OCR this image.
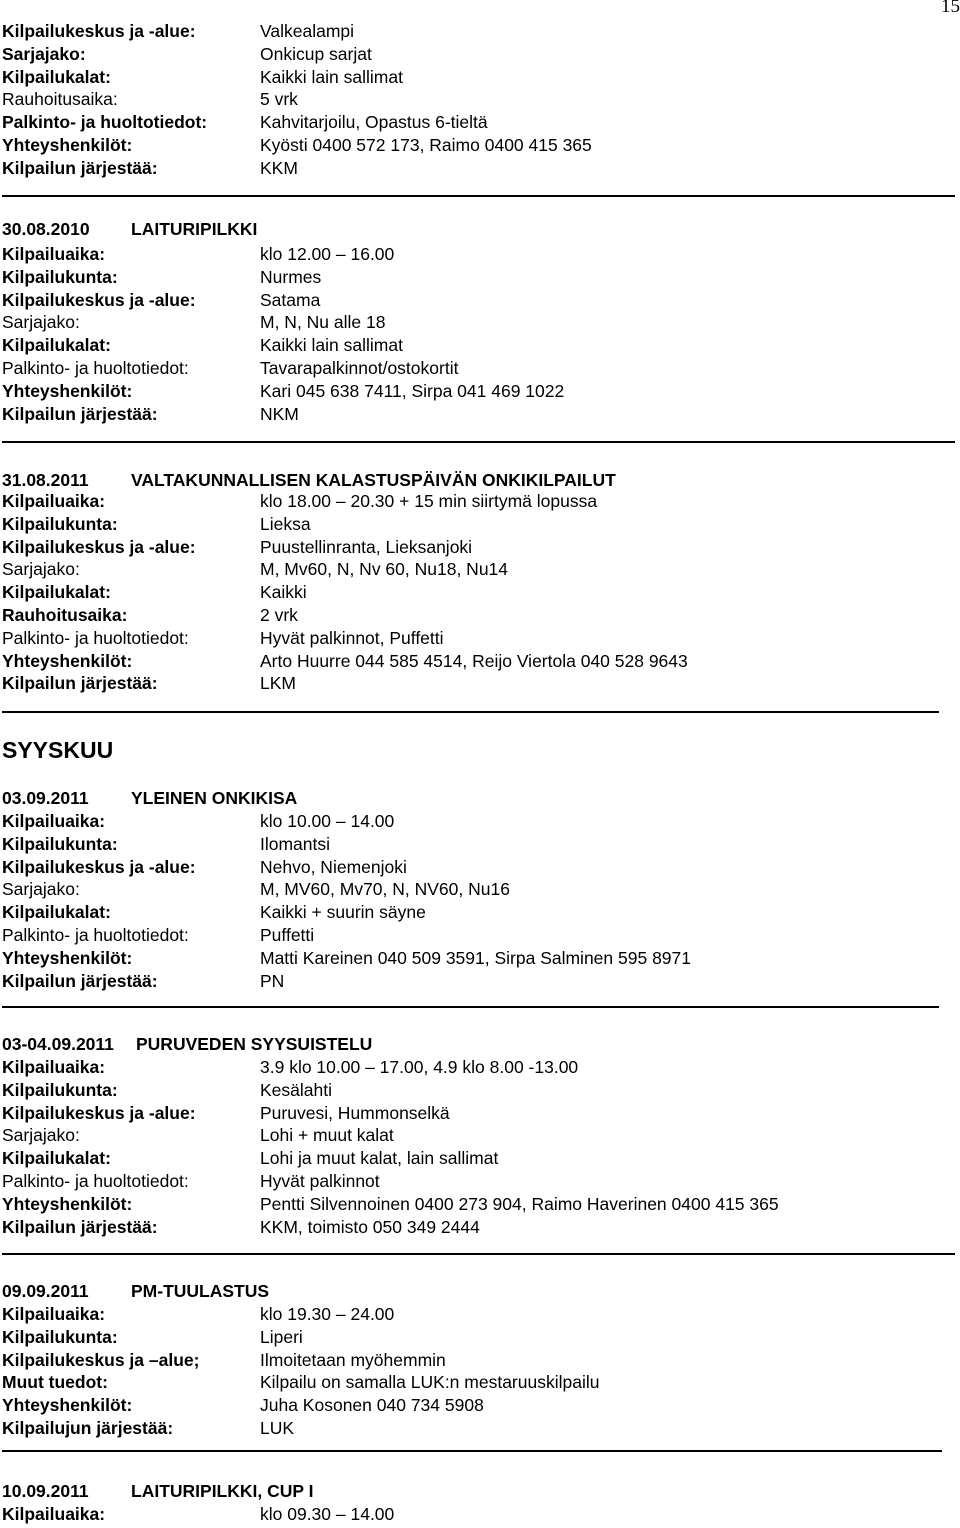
15
Kilpailukeskus ja -alue:	Valkealampi
Sarjajako:	Onkicup sarjat
Kilpailukalat:	Kaikki lain sallimat
Rauhoitusaika:	5 vrk
Palkinto- ja huoltotiedot:	Kahvitarjoilu, Opastus 6-tieltä
Yhteyshenkilöt:	Kyösti 0400 572 173, Raimo 0400 415 365
Kilpailun järjestää:	KKM
30.08.2010 LAITURIPILKKI
Kilpailuaika:	klo 12.00 – 16.00
Kilpailukunta:	Nurmes
Kilpailukeskus ja -alue:	Satama
Sarjajako:	M, N, Nu alle 18
Kilpailukalat:	Kaikki lain sallimat
Palkinto- ja huoltotiedot:	Tavarapalkinnot/ostokortit
Yhteyshenkilöt:	Kari 045 638 7411, Sirpa 041 469 1022
Kilpailun järjestää:	NKM
31.08.2011 VALTAKUNNALLISEN KALASTUSPÄIVÄN ONKIKILPAILUT
Kilpailuaika:	klo 18.00 – 20.30 + 15 min siirtymä lopussa
Kilpailukunta:	Lieksa
Kilpailukeskus ja -alue:	Puustellinranta, Lieksanjoki
Sarjajako:	M, Mv60, N, Nv 60, Nu18, Nu14
Kilpailukalat:	Kaikki
Rauhoitusaika:	2 vrk
Palkinto- ja huoltotiedot:	Hyvät palkinnot, Puffetti
Yhteyshenkilöt:	Arto Huurre 044 585 4514, Reijo Viertola 040 528 9643
Kilpailun järjestää:	LKM
SYYSKUU
03.09.2011 YLEINEN ONKIKISA
Kilpailuaika:	klo 10.00 – 14.00
Kilpailukunta:	Ilomantsi
Kilpailukeskus ja -alue:	Nehvo, Niemenjoki
Sarjajako:	M, MV60, Mv70, N, NV60, Nu16
Kilpailukalat:	Kaikki + suurin säyne
Palkinto- ja huoltotiedot:	Puffetti
Yhteyshenkilöt:	Matti Kareinen 040 509 3591, Sirpa Salminen 595 8971
Kilpailun järjestää:	PN
03-04.09.2011 PURUVEDEN SYYSUISTELU
Kilpailuaika:	3.9 klo 10.00 – 17.00, 4.9 klo 8.00 -13.00
Kilpailukunta:	Kesälahti
Kilpailukeskus ja -alue:	Puruvesi, Hummonselkä
Sarjajako:	Lohi + muut kalat
Kilpailukalat:	Lohi ja muut kalat, lain sallimat
Palkinto- ja huoltotiedot:	Hyvät palkinnot
Yhteyshenkilöt:	Pentti Silvennoinen 0400 273 904, Raimo Haverinen 0400 415 365
Kilpailun järjestää:	KKM, toimisto 050 349 2444
09.09.2011 PM-TUULASTUS
Kilpailuaika:	klo 19.30 – 24.00
Kilpailukunta:	Liperi
Kilpailukeskus ja –alue;	Ilmoitetaan myöhemmin
Muut tuedot:	Kilpailu on samalla LUK:n mestaruuskilpailu
Yhteyshenkilöt:	Juha Kosonen 040 734 5908
Kilpailujun järjestää:	LUK
10.09.2011 LAITURIPILKKI, CUP I
Kilpailuaika:	klo 09.30 – 14.00
